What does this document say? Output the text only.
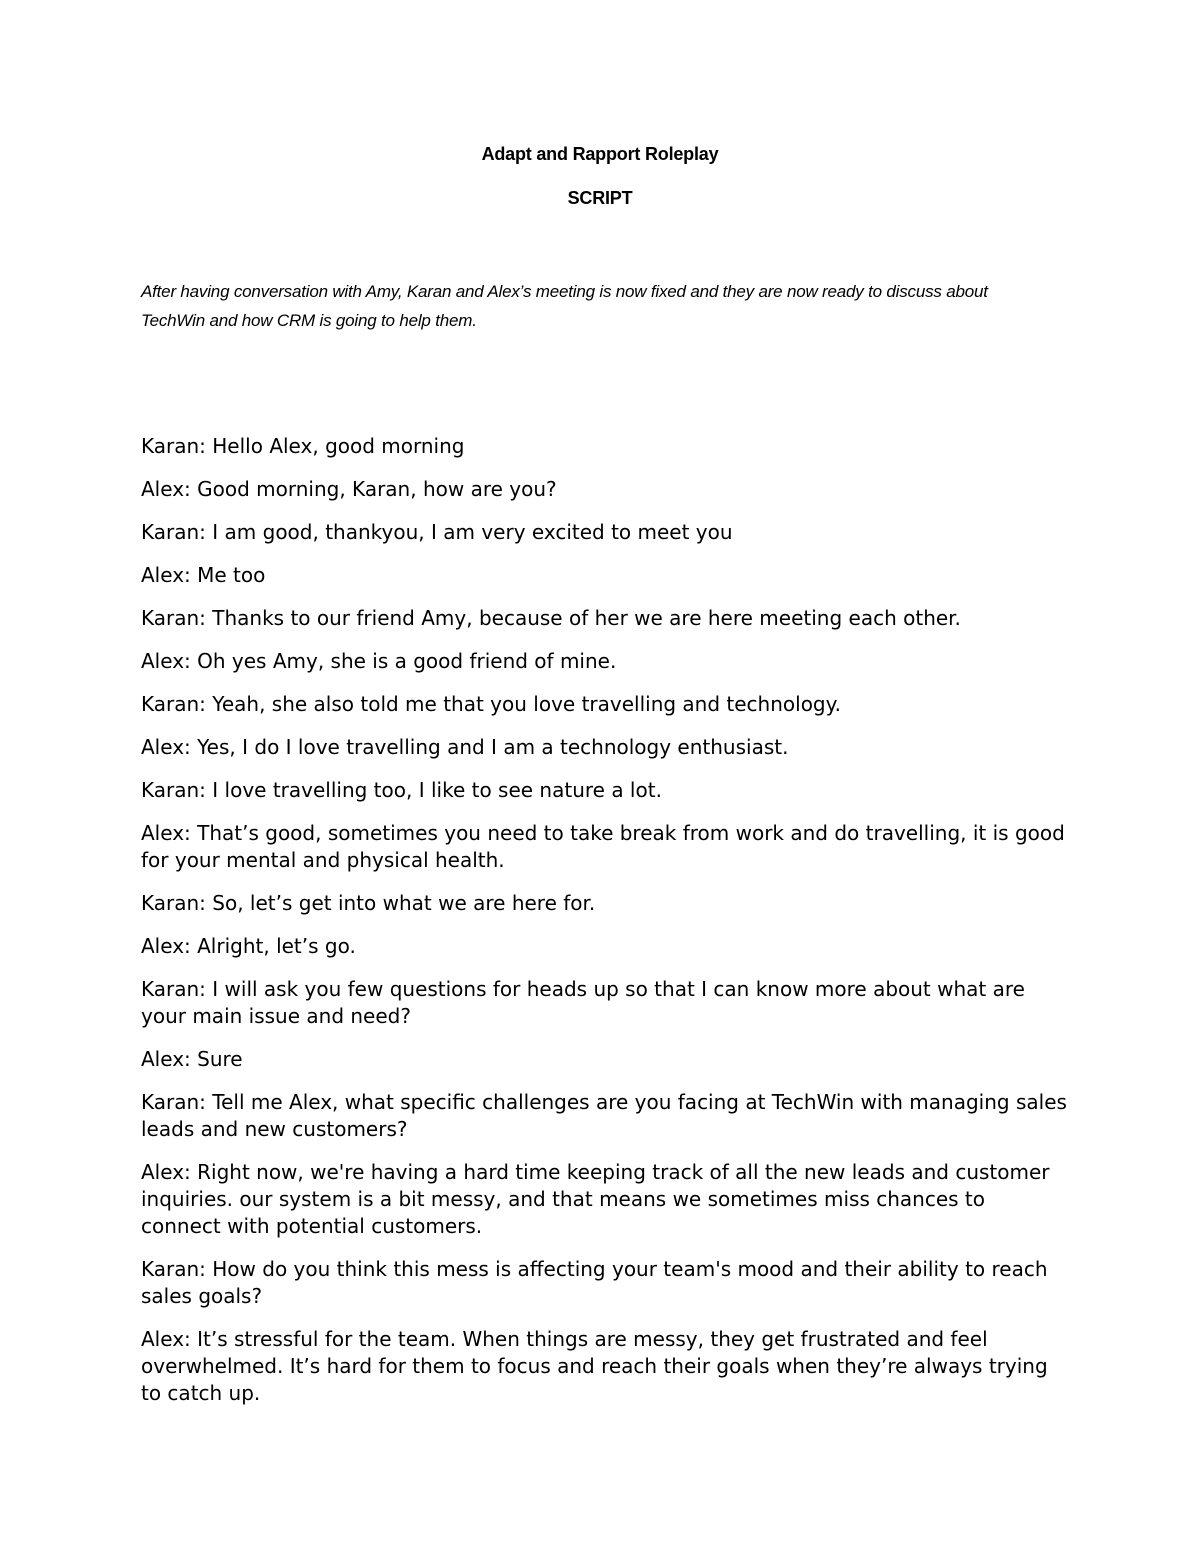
Adapt and Rapport Roleplay
SCRIPT
After having conversation with Amy, Karan and Alex’s meeting is now fixed and they are now ready to discuss about TechWin and how CRM is going to help them.

Karan: Hello Alex, good morning

Alex: Good morning, Karan, how are you?

Karan: I am good, thankyou, I am very excited to meet you

Alex: Me too

Karan: Thanks to our friend Amy, because of her we are here meeting each other.

Alex: Oh yes Amy, she is a good friend of mine.

Karan: Yeah, she also told me that you love travelling and technology.

Alex: Yes, I do I love travelling and I am a technology enthusiast.

Karan: I love travelling too, I like to see nature a lot.

Alex: That’s good, sometimes you need to take break from work and do travelling, it is good for your mental and physical health.

Karan: So, let’s get into what we are here for.

Alex: Alright, let’s go.

Karan: I will ask you few questions for heads up so that I can know more about what are your main issue and need?

Alex: Sure

Karan: Tell me Alex, what specific challenges are you facing at TechWin with managing sales leads and new customers?

Alex: Right now, we're having a hard time keeping track of all the new leads and customer inquiries. our system is a bit messy, and that means we sometimes miss chances to connect with potential customers.

Karan: How do you think this mess is affecting your team's mood and their ability to reach sales goals?

Alex: It’s stressful for the team. When things are messy, they get frustrated and feel overwhelmed. It’s hard for them to focus and reach their goals when they’re always trying to catch up.
